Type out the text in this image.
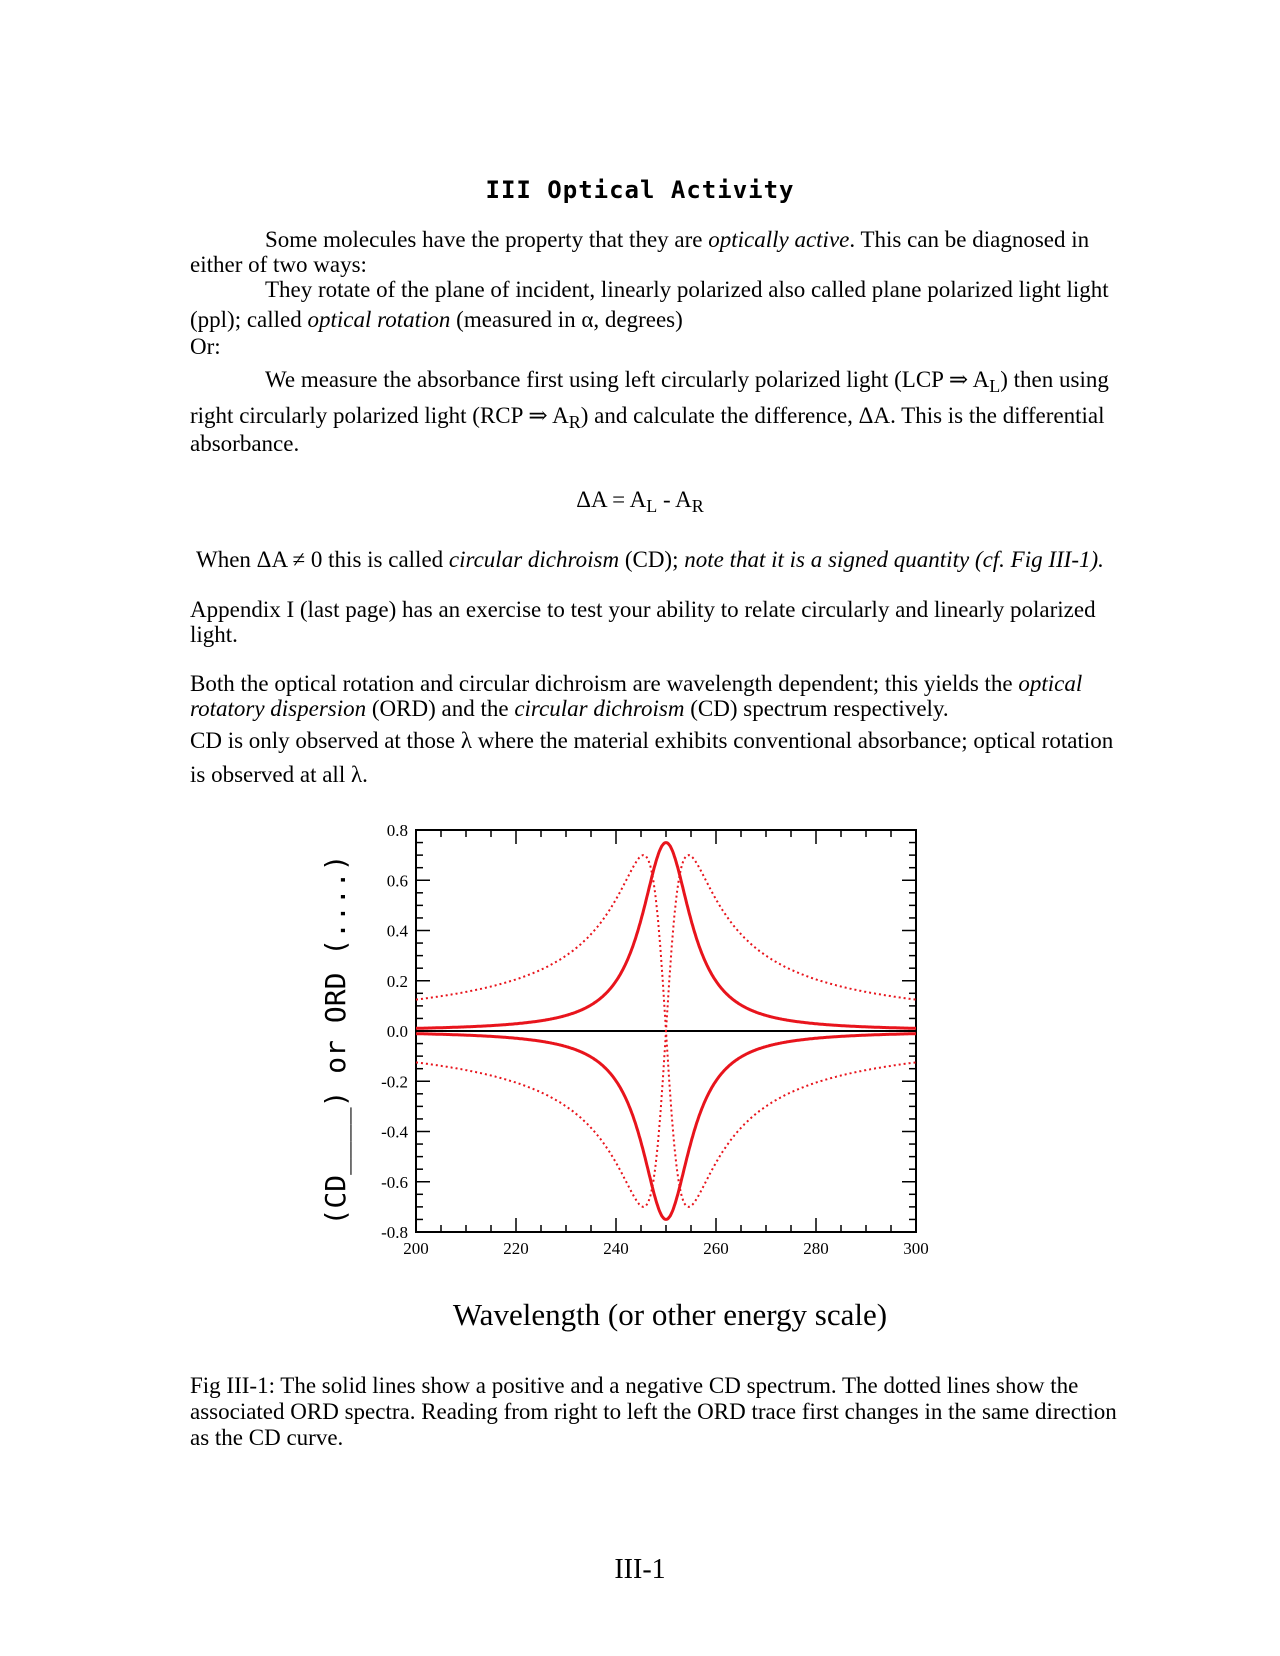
III Optical Activity

Some molecules have the property that they are optically active. This can be diagnosed in

either of two ways:

They rotate of the plane of incident, linearly polarized also called plane polarized light light

(ppl); called optical rotation (measured in α, degrees)

Or:

We measure the absorbance first using left circularly polarized light (LCP ⇒ $A_L$) then using

right circularly polarized light (RCP ⇒ $A_R$) and calculate the difference, ΔA. This is the differential

absorbance.

$\Delta A = A_L - A_R$

When ΔA ≠ 0 this is called circular dichroism (CD); note that it is a signed quantity (cf. Fig III-1).

Appendix I (last page) has an exercise to test your ability to relate circularly and linearly polarized

light.

Both the optical rotation and circular dichroism are wavelength dependent; this yields the optical

rotatory dispersion (ORD) and the circular dichroism (CD) spectrum respectively.

CD is only observed at those λ where the material exhibits conventional absorbance; optical rotation

is observed at all λ.

200	220	240	260	280	300
0.8
0.6
0.4
0.2
0.0
-0.2
-0.4
-0.6
-0.8
Wavelength (or other energy scale)
(CD____) or ORD (....)
Fig III-1: The solid lines show a positive and a negative CD spectrum. The dotted lines show the
associated ORD spectra. Reading from right to left the ORD trace first changes in the same direction
as the CD curve.
III-1
